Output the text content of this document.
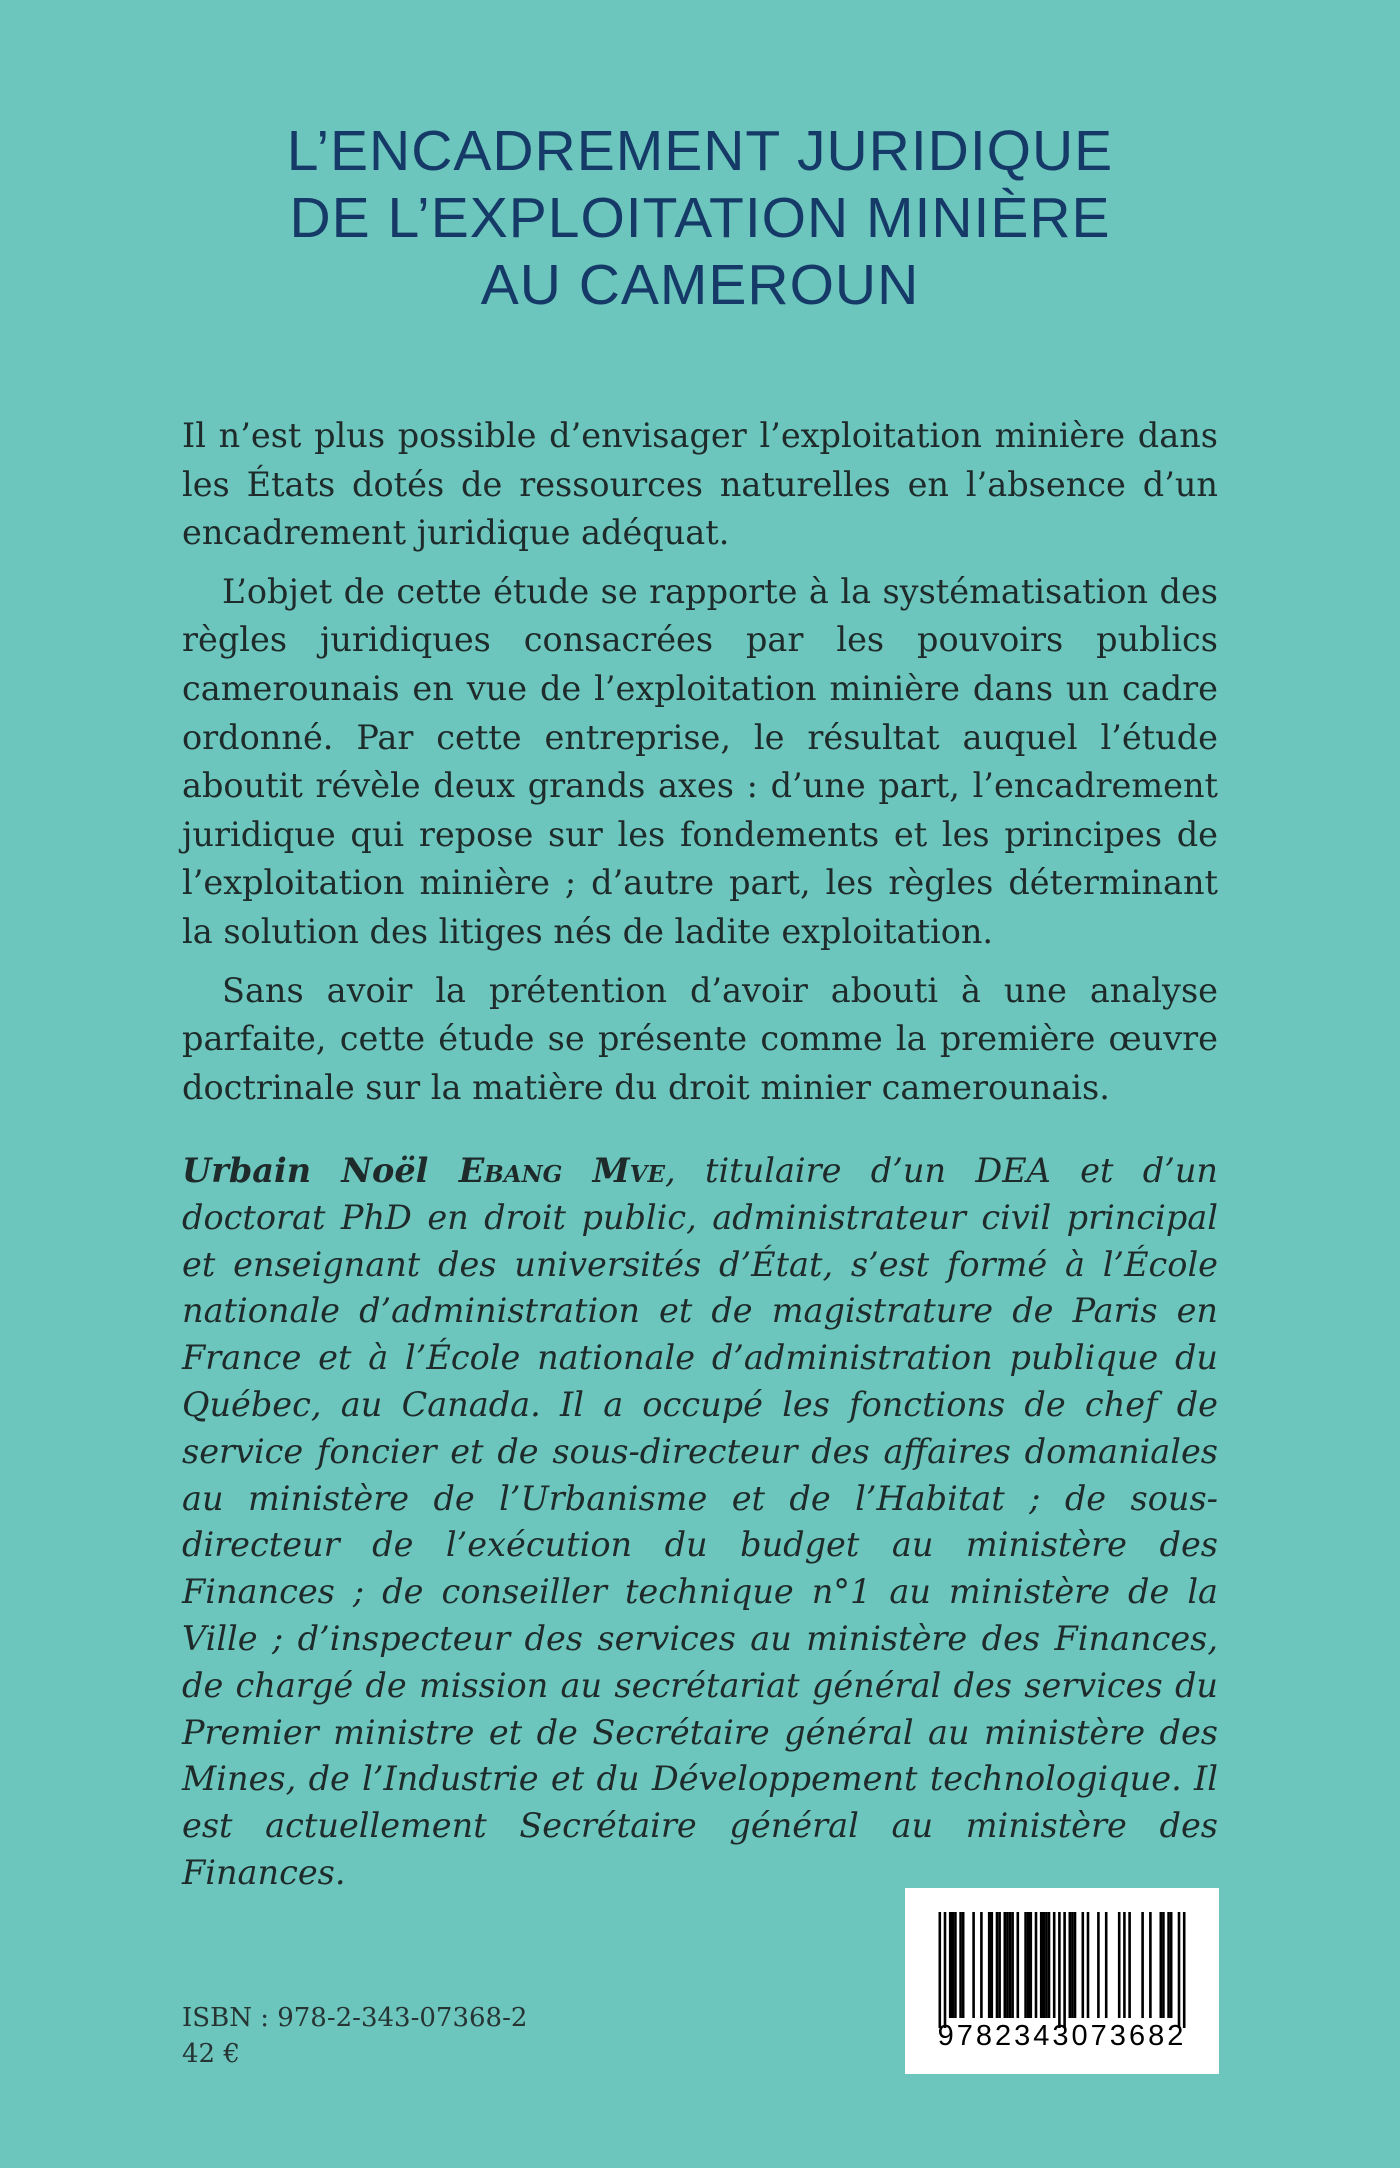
L’ENCADREMENT JURIDIQUE
DE L’EXPLOITATION MINIÈRE
AU CAMEROUN

Il n’est plus possible d’envisager l’exploitation minière dans les États dotés de ressources naturelles en l’absence d’un encadrement juridique adéquat.

L’objet de cette étude se rapporte à la systématisation des règles juridiques consacrées par les pouvoirs publics camerounais en vue de l’exploitation minière dans un cadre ordonné. Par cette entreprise, le résultat auquel l’étude aboutit révèle deux grands axes : d’une part, l’encadrement juridique qui repose sur les fondements et les principes de l’exploitation minière ; d’autre part, les règles déterminant la solution des litiges nés de ladite exploitation.

Sans avoir la prétention d’avoir abouti à une analyse parfaite, cette étude se présente comme la première œuvre doctrinale sur la matière du droit minier camerounais.

Urbain Noël Ebang Mve, titulaire d’un DEA et d’un doctorat PhD en droit public, administrateur civil principal et enseignant des universités d’État, s’est formé à l’École nationale d’administration et de magistrature de Paris en France et à l’École nationale d’administration publique du Québec, au Canada. Il a occupé les fonctions de chef de service foncier et de sous-directeur des affaires domaniales au ministère de l’Urbanisme et de l’Habitat ; de sous-directeur de l’exécution du budget au ministère des Finances ; de conseiller technique n°1 au ministère de la Ville ; d’inspecteur des services au ministère des Finances, de chargé de mission au secrétariat général des services du Premier ministre et de Secrétaire général au ministère des Mines, de l’Industrie et du Développement technologique. Il est actuellement Secrétaire général au ministère des Finances.

ISBN : 978-2-343-07368-2
42 €
9782343073682
